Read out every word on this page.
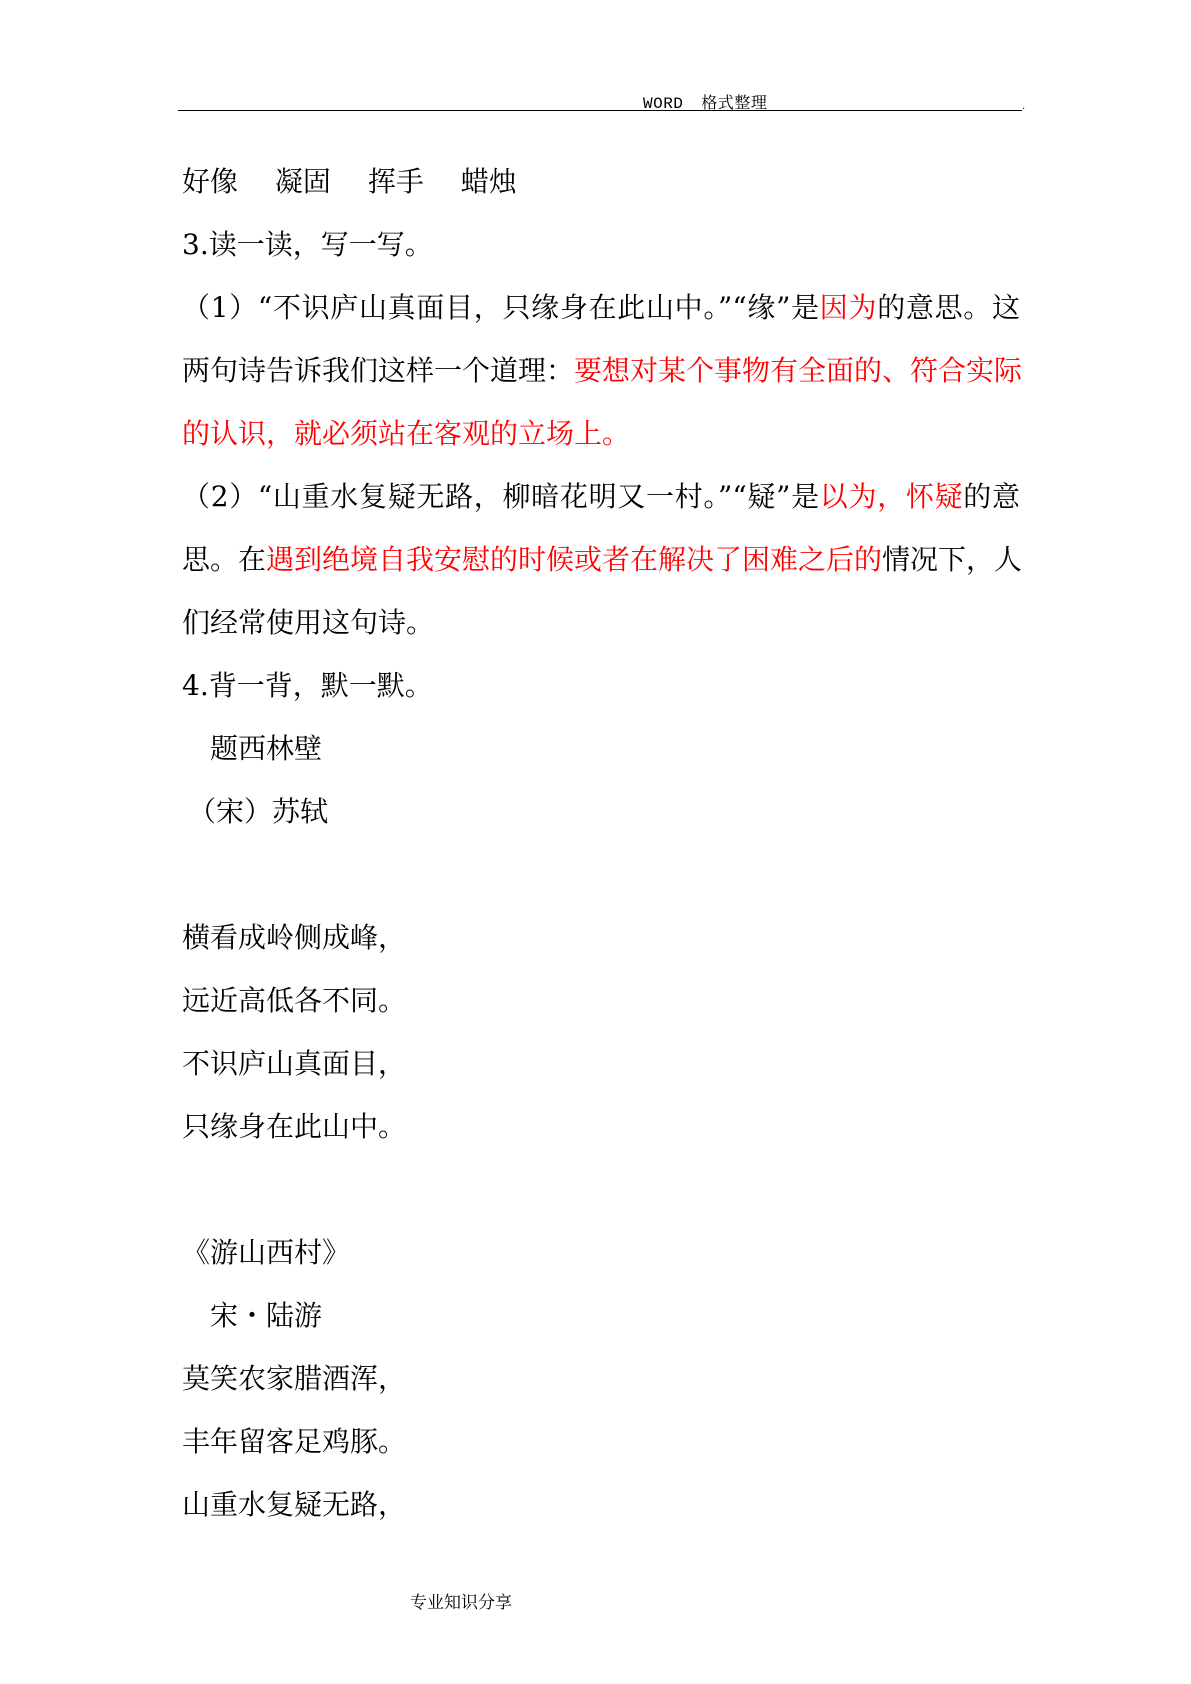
WORD 格式整理	.
好像 凝固 挥手 蜡烛
3.读一读，写一写。
（1）“不识庐山真面目，只缘身在此山中。”“缘”是因为的意思。这
两句诗告诉我们这样一个道理：要想对某个事物有全面的、符合实际
的认识，就必须站在客观的立场上。
（2）“山重水复疑无路，柳暗花明又一村。”“疑”是以为，怀疑的意
思。在遇到绝境自我安慰的时候或者在解决了困难之后的情况下，人
们经常使用这句诗。
4.背一背，默一默。
题西林壁
（宋）苏轼
横看成岭侧成峰，
远近高低各不同。
不识庐山真面目，
只缘身在此山中。
《游山西村》
宋・陆游
莫笑农家腊酒浑，
丰年留客足鸡豚。
山重水复疑无路，
专业知识分享
